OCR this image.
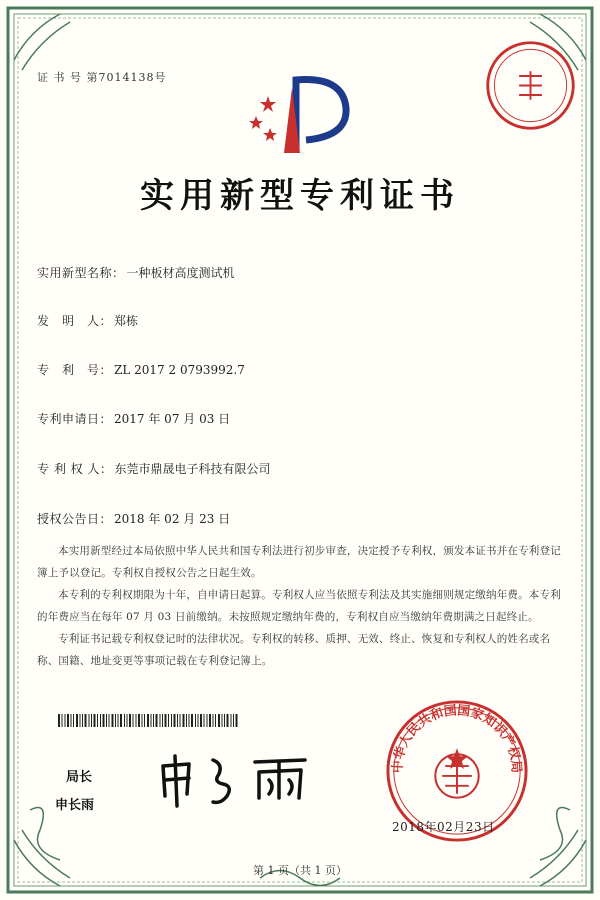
证 书 号 第7014138号
实用新型专利证书
实用新型名称： 一种板材高度测试机
发　明　人： 郑栋
专　利　号： ZL 2017 2 0793992.7
专利申请日： 2017 年 07 月 03 日
专 利 权 人： 东莞市鼎晟电子科技有限公司
授权公告日： 2018 年 02 月 23 日

本实用新型经过本局依照中华人民共和国专利法进行初步审查，决定授予专利权，颁发本证书并在专利登记簿上予以登记。专利权自授权公告之日起生效。

本专利的专利权期限为十年，自申请日起算。专利权人应当依照专利法及其实施细则规定缴纳年费。本专利的年费应当在每年 07 月 03 日前缴纳。未按照规定缴纳年费的，专利权自应当缴纳年费期满之日起终止。

专利证书记载专利权登记时的法律状况。专利权的转移、质押、无效、终止、恢复和专利权人的姓名或名称、国籍、地址变更等事项记载在专利登记簿上。

局长
申长雨
中华人民共和国国家知识产权局
2018年02月23日
第 1 页（共 1 页）
